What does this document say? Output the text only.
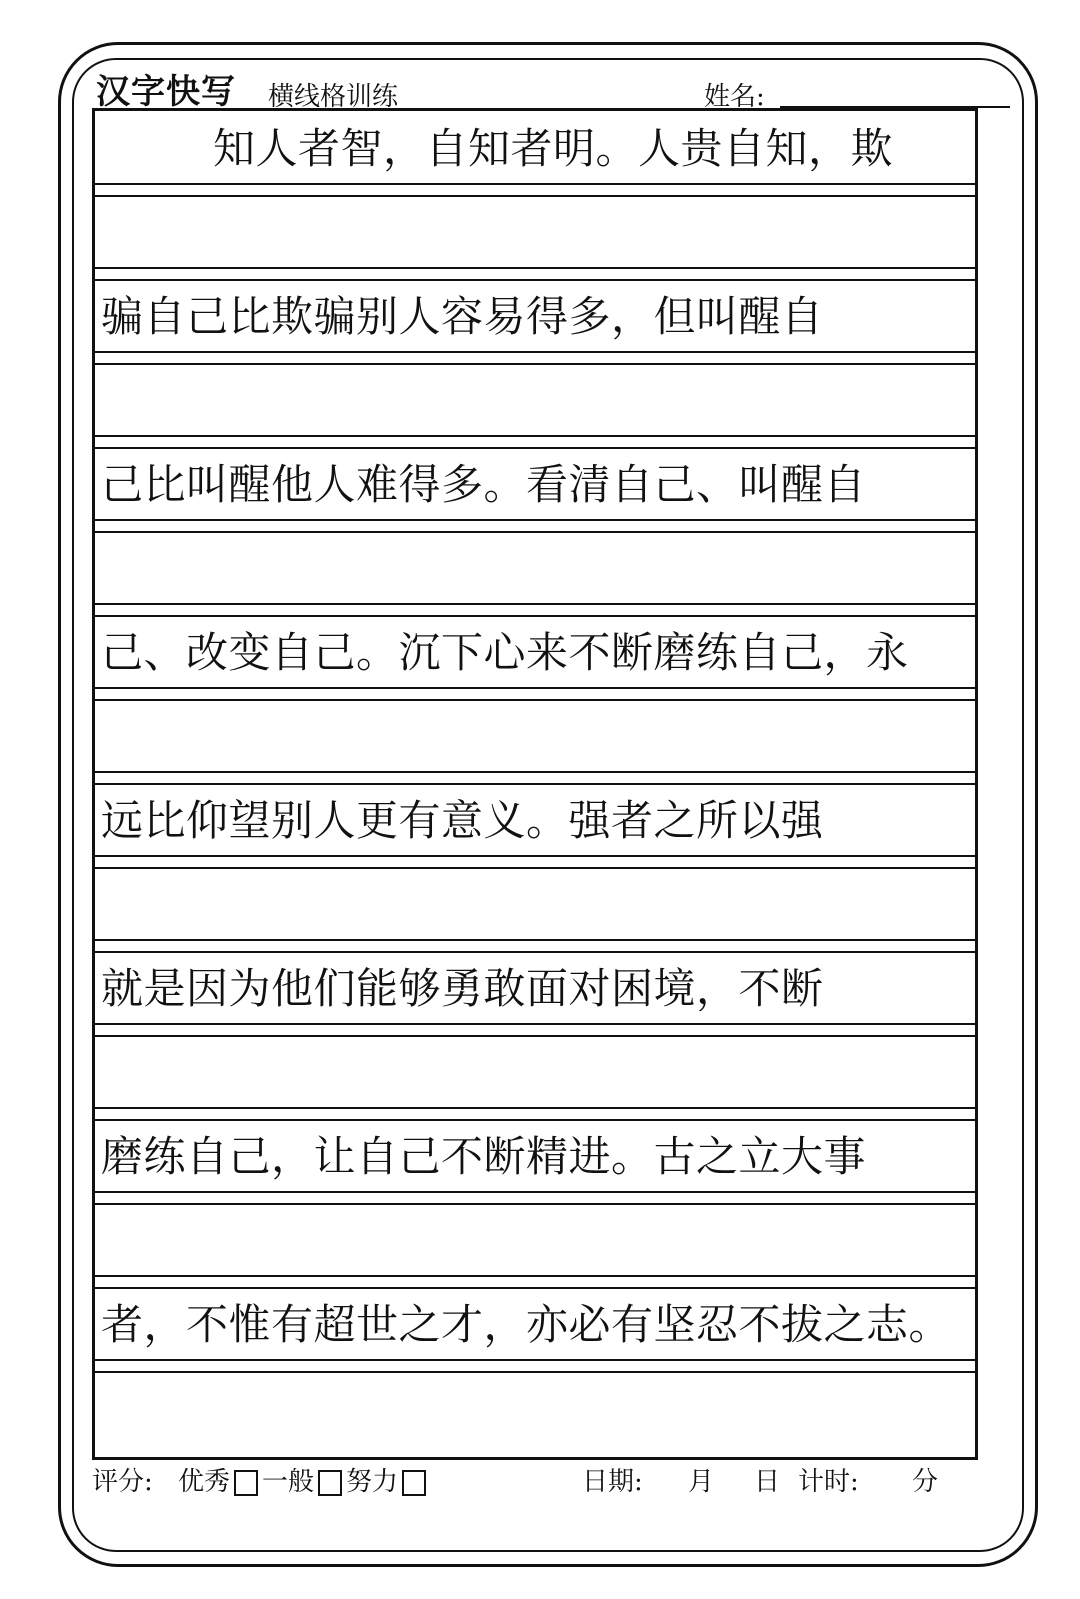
汉字快写 横线格训练	姓名:
知人者智，自知者明。人贵自知，欺
骗自己比欺骗别人容易得多，但叫醒自
己比叫醒他人难得多。看清自己、叫醒自
己、改变自己。沉下心来不断磨练自己，永
远比仰望别人更有意义。强者之所以强
就是因为他们能够勇敢面对困境，不断
磨练自己，让自己不断精进。古之立大事
者，不惟有超世之才，亦必有坚忍不拔之志。
评分: 优秀 一般 努力	日期: 月 日 计时: 分
